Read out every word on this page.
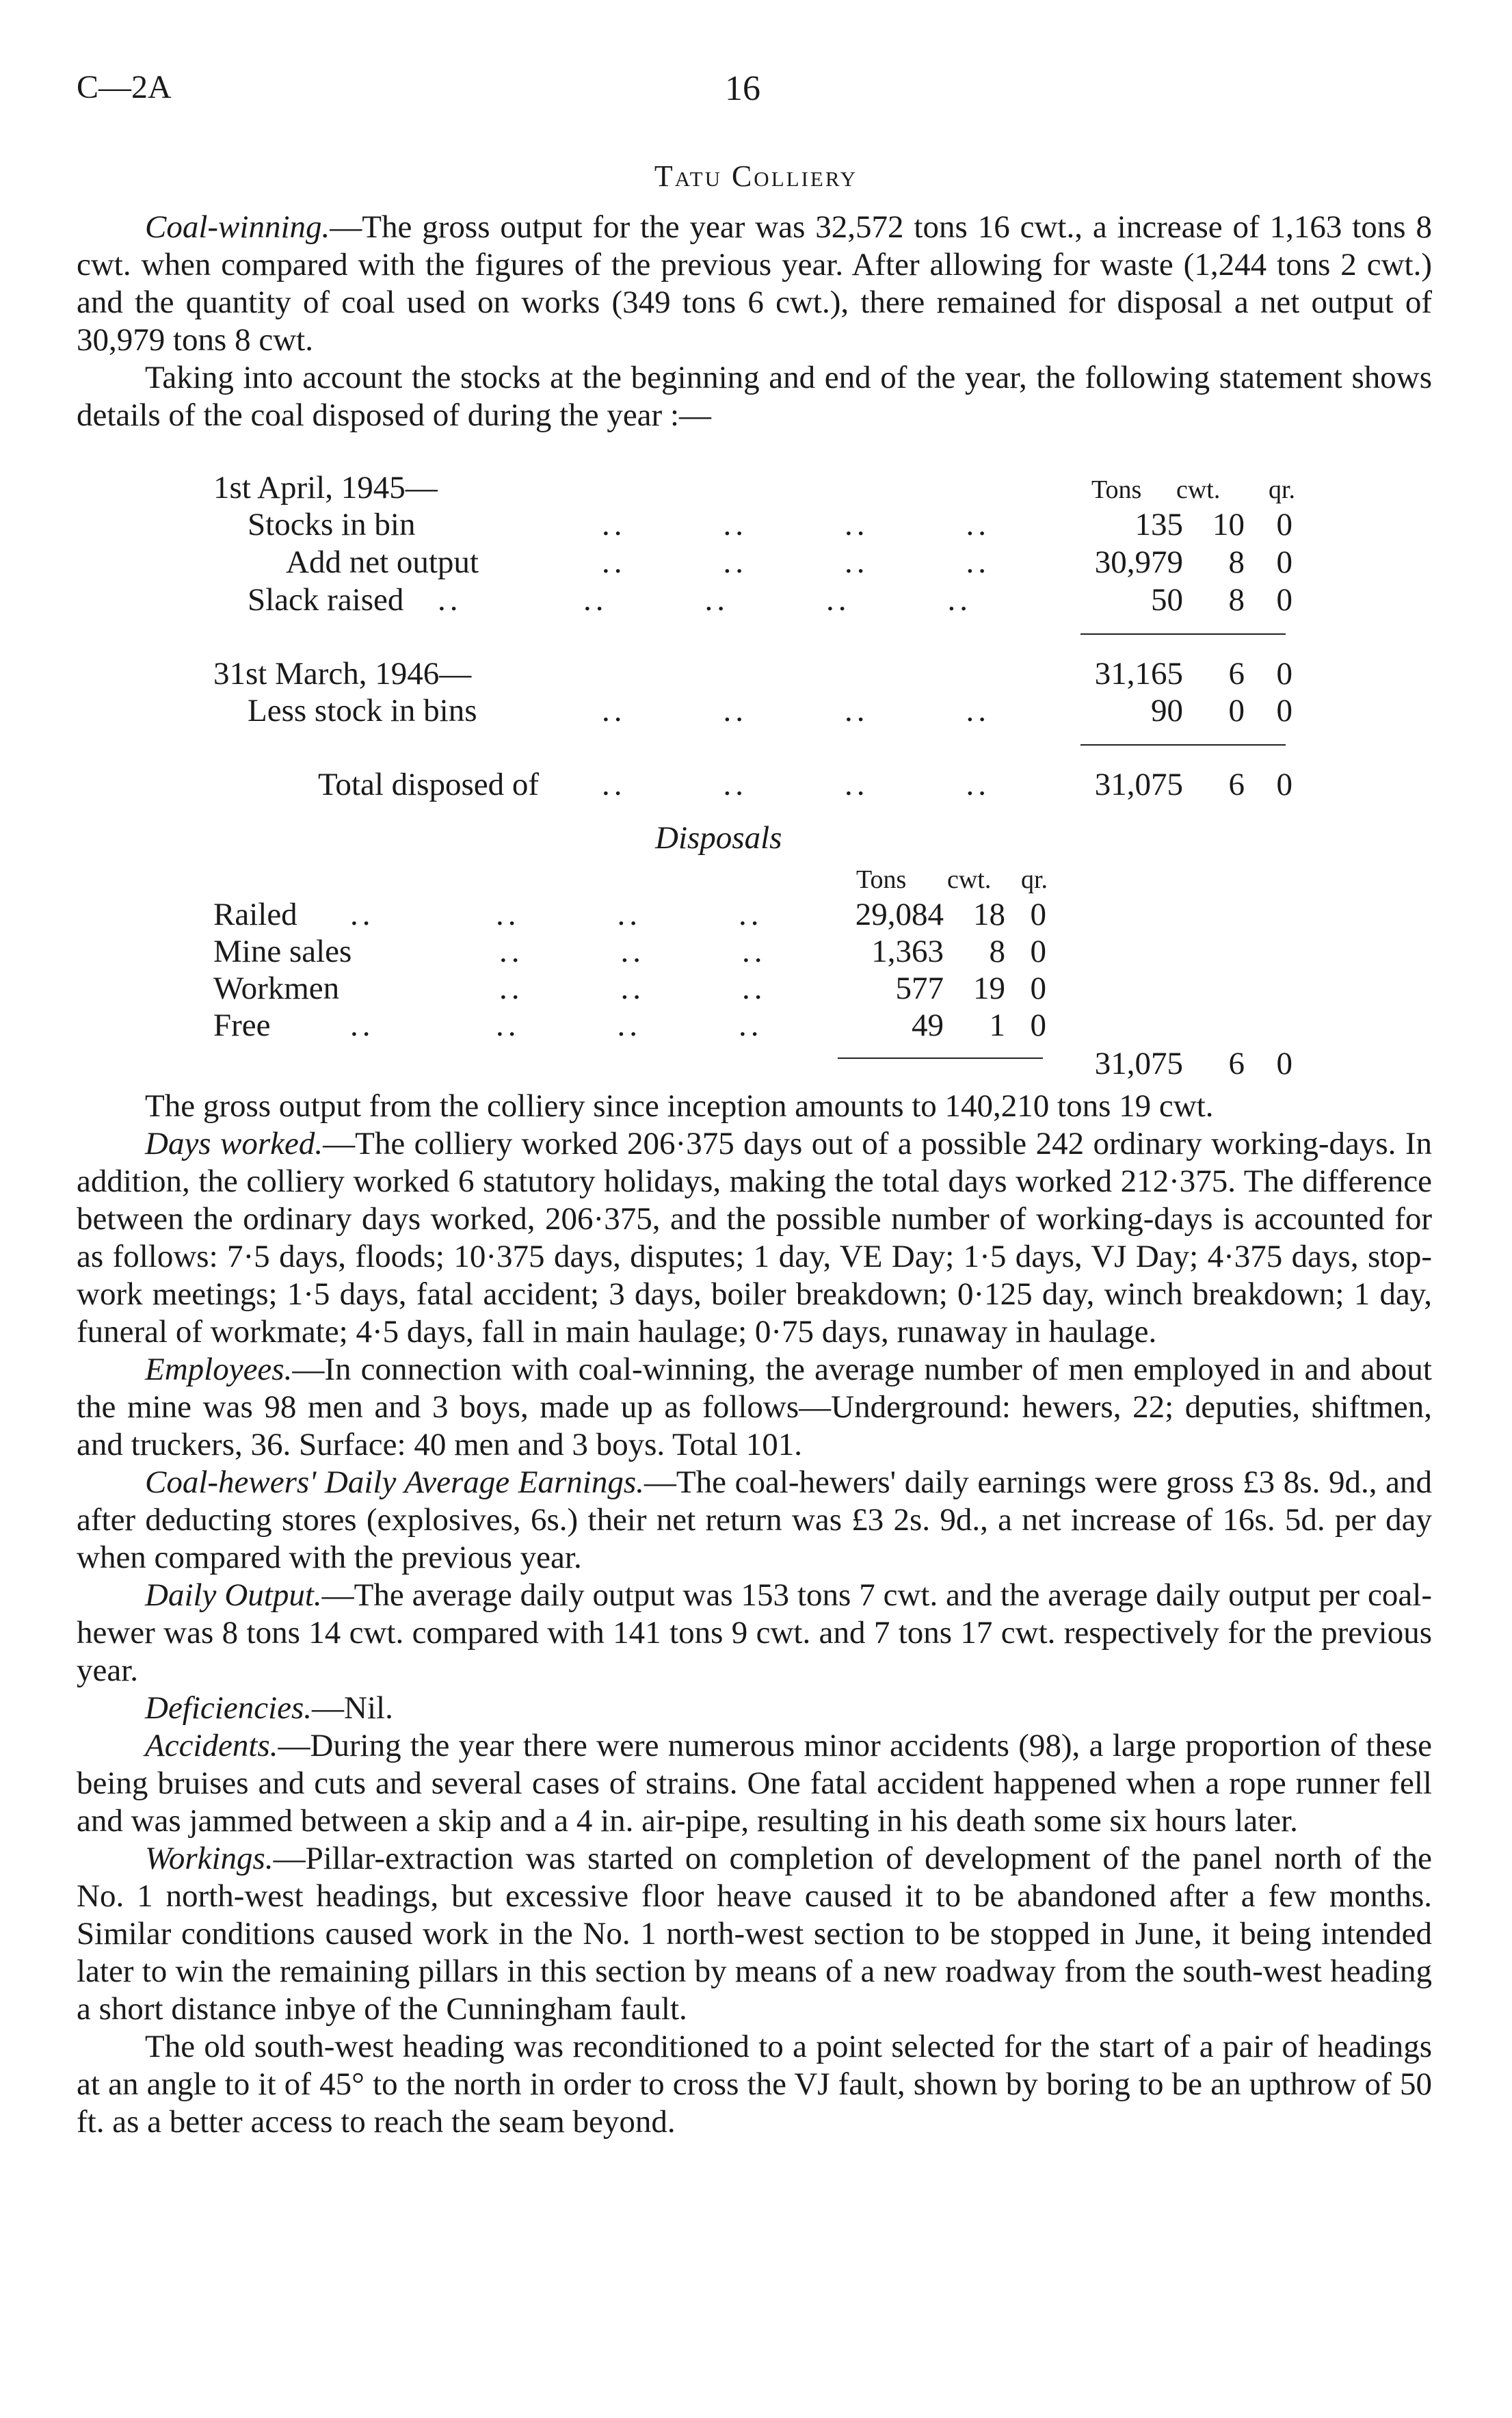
C—2A	16
Tatu Colliery

Coal-winning.—The gross output for the year was 32,572 tons 16 cwt., a increase of 1,163 tons 8 cwt. when compared with the figures of the previous year. After allowing for waste (1,244 tons 2 cwt.) and the quantity of coal used on works (349 tons 6 cwt.), there remained for disposal a net output of 30,979 tons 8 cwt.

Taking into account the stocks at the beginning and end of the year, the following statement shows details of the coal disposed of during the year :—

Tons cwt. qr.
1st April, 1945—
Stocks in bin	..        ..        ..        ..	135 10 0
Add net output	..        ..        ..        ..	30,979	8 0
Slack raised ..          ..        ..        ..        ..	50	8 0
31st March, 1946—	31,165	6 0
Less stock in bins	..        ..        ..        ..	90	0 0
Total disposed of ..        ..        ..        ..	31,075	6 0
Disposals
Tons cwt. qr.
Railed ..          ..        ..        ..	29,084 18 0
Mine sales	..        ..        ..	1,363	8 0
Workmen	..        ..        ..	577 19 0
Free ..          ..        ..        ..	49	1 0
31,075	6 0

The gross output from the colliery since inception amounts to 140,210 tons 19 cwt.

Days worked.—The colliery worked 206·375 days out of a possible 242 ordinary working-days. In addition, the colliery worked 6 statutory holidays, making the total days worked 212·375. The difference between the ordinary days worked, 206·375, and the possible number of working-days is accounted for as follows: 7·5 days, floods; 10·375 days, disputes; 1 day, VE Day; 1·5 days, VJ Day; 4·375 days, stop-work meetings; 1·5 days, fatal accident; 3 days, boiler breakdown; 0·125 day, winch breakdown; 1 day, funeral of workmate; 4·5 days, fall in main haulage; 0·75 days, runaway in haulage.

Employees.—In connection with coal-winning, the average number of men employed in and about the mine was 98 men and 3 boys, made up as follows—Underground: hewers, 22; deputies, shiftmen, and truckers, 36. Surface: 40 men and 3 boys. Total 101.

Coal-hewers' Daily Average Earnings.—The coal-hewers' daily earnings were gross £3 8s. 9d., and after deducting stores (explosives, 6s.) their net return was £3 2s. 9d., a net increase of 16s. 5d. per day when compared with the previous year.

Daily Output.—The average daily output was 153 tons 7 cwt. and the average daily output per coal-hewer was 8 tons 14 cwt. compared with 141 tons 9 cwt. and 7 tons 17 cwt. respectively for the previous year.

Deficiencies.—Nil.

Accidents.—During the year there were numerous minor accidents (98), a large proportion of these being bruises and cuts and several cases of strains. One fatal accident happened when a rope runner fell and was jammed between a skip and a 4 in. air-pipe, resulting in his death some six hours later.

Workings.—Pillar-extraction was started on completion of development of the panel north of the No. 1 north-west headings, but excessive floor heave caused it to be abandoned after a few months. Similar conditions caused work in the No. 1 north-west section to be stopped in June, it being intended later to win the remaining pillars in this section by means of a new roadway from the south-west heading a short distance inbye of the Cunningham fault.

The old south-west heading was reconditioned to a point selected for the start of a pair of headings at an angle to it of 45° to the north in order to cross the VJ fault, shown by boring to be an upthrow of 50 ft. as a better access to reach the seam beyond.
